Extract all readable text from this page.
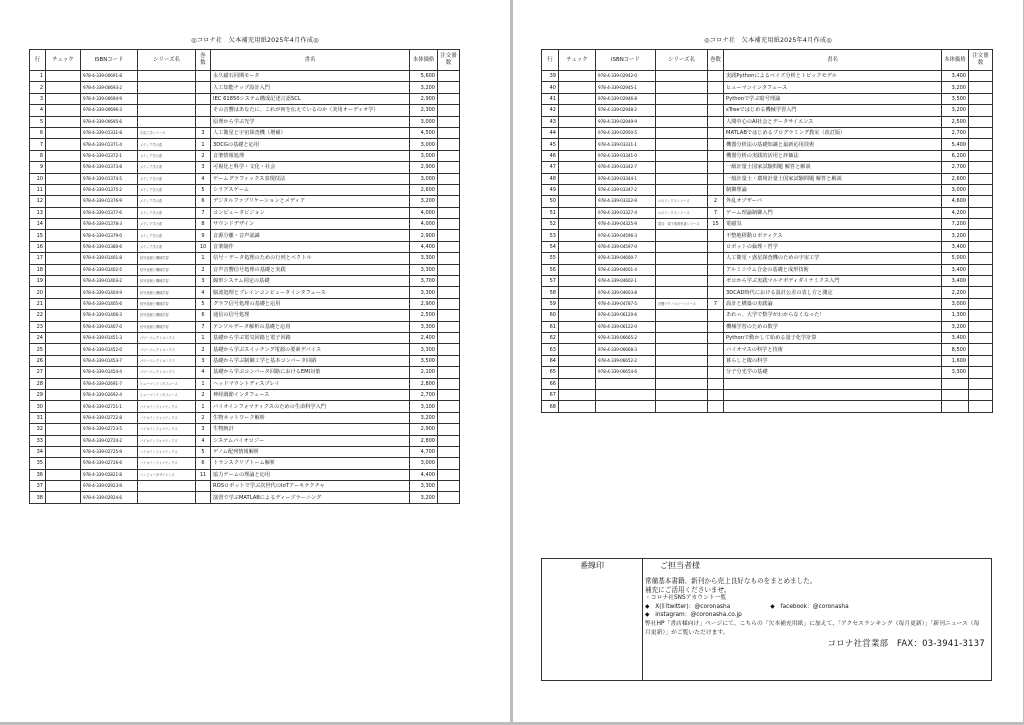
◎コロナ社　欠本補充用紙2025年4月作成◎
行	チェック	ISBNコード	シリーズ名	巻数	書名	本体価格	注文冊数
1		978-4-339-00691-8			永久磁石同期モータ	5,600	
2		978-4-339-00693-2			人工知能チップ設計入門	3,200	
3		978-4-339-00694-9			IEC 61850システム構成記述言語SCL	2,900	
4		978-4-339-00696-3			その音響はあなたに、これが何を伝えているのか（実用オーディオ学）	2,300	
5		978-4-339-00695-6			原理から学ぶ光学	3,000	
6		978-4-339-01331-8	宇宙工学シリーズ	3	人工衛星と宇宙探査機（増補）	4,500	
7		978-4-339-01371-4	メディア学大系	1	3DCGの基礎と応用	3,000	
8		978-4-339-01372-1	メディア学大系	2	音楽情報処理	3,000	
9		978-4-339-01373-8	メディア学大系	3	可視化と科学・文化・社会	2,900	
10		978-4-339-01374-5	メディア学大系	4	ゲームグラフィックス表現技法	3,000	
11		978-4-339-01375-2	メディア学大系	5	シリアスゲーム	2,600	
12		978-4-339-01376-9	メディア学大系	6	デジタルファブリケーションとメディア	3,200	
13		978-4-339-01377-6	メディア学大系	7	コンピュータビジョン	4,000	
14		978-4-339-01378-3	メディア学大系	8	サウンドデザイン	4,000	
15		978-4-339-01379-0	メディア学大系	9	音源分離・音声認識	2,900	
16		978-4-339-01380-6	メディア学大系	10	音楽制作	4,400	
17		978-4-339-01401-8	信号処理と機械学習	1	信号・データ処理のための行列とベクトル	3,300	
18		978-4-339-01402-5	信号処理と機械学習	2	音声音響信号処理の基礎と実践	3,300	
19		978-4-339-01403-2	信号処理と機械学習	3	線形システム同定の基礎	3,700	
20		978-4-339-01404-9	信号処理と機械学習	4	脳波処理とブレインコンピュータインタフェース	3,300	
21		978-4-339-01405-6	信号処理と機械学習	5	グラフ信号処理の基礎と応用	2,900	
22		978-4-339-01406-3	信号処理と機械学習	6	通信の信号処理	2,500	
23		978-4-339-01407-0	信号処理と機械学習	7	テンソルデータ解析の基礎と応用	3,300	
24		978-4-339-01451-3	パワーエレクトロニクス	1	基礎から学ぶ電気回路と電子回路	2,400	
25		978-4-339-01452-0	パワーエレクトロニクス	2	基礎から学ぶスイッチング電源の要素デバイス	3,300	
26		978-4-339-01453-7	パワーエレクトロニクス	3	基礎から学ぶ制御工学と基本コンバータ回路	3,500	
27		978-4-339-01454-4	パワーエレクトロニクス	4	基礎から学ぶコンバータ回路におけるEMI対策	2,100	
28		978-4-339-02691-7	ヒューマンインタフェース	1	ヘッドマウントディスプレイ	2,800	
29		978-4-339-02692-4	ヒューマンインタフェース	2	神経調節インタフェース	2,700	
30		978-4-339-02721-1	バイオインフォマティクス	1	バイオインフォマティクスのための生命科学入門	3,100	
31		978-4-339-02722-8	バイオインフォマティクス	2	生物ネットワーク解析	3,200	
32		978-4-339-02723-5	バイオインフォマティクス	3	生物統計	2,900	
33		978-4-339-02724-2	バイオインフォマティクス	4	システムバイオロジー	2,800	
34		978-4-339-02725-9	バイオインフォマティクス	5	ゲノム配列情報解析	4,700	
35		978-4-339-02726-6	バイオインフォマティクス	6	トランスクリプトーム解析	3,000	
36		978-4-339-02821-8	コンピュータサイエンス	11	協力ゲームの理論と応用	4,400	
37		978-4-339-02923-9			ROSロボットで学ぶ次世代のIoTアーキテクチャ	3,300	
38		978-4-339-02924-6			演習で学ぶMATLABによるディープラーニング	3,200	
◎コロナ社　欠本補充用紙2025年4月作成◎
行	チェック	ISBNコード	シリーズ名	巻数	書名	本体価格	注文冊数
39		978-4-339-02942-0			実践Pythonによるベイズ分析とトピックモデル	3,400	
40		978-4-339-02945-1			ヒューマンインタフェース	3,200	
41		978-4-339-02946-8			Pythonで学ぶ暗号理論	3,500	
42		978-4-339-02948-2			sTreeではじめる機械学習入門	3,200	
43		978-4-339-02949-9			人間中心のAI社会とデータサイエンス	2,500	
44		978-4-339-02950-5			MATLABではじめるプログラミング教室（改訂版）	2,700	
45		978-4-339-03331-1			機器分析法の基礎知識と最新応用技術	5,400	
46		978-4-339-03341-0			機器分析の実践的活用と評価法	6,200	
47		978-4-339-03342-7			一級計量士国家試験問題 解答と解説	2,700	
48		978-4-339-03344-1			一般計量士・環境計量士国家試験問題 解答と解説	2,600	
49		978-4-339-03347-2			制御理論	3,000	
50		978-4-339-03322-9	ロボティクスシリーズ	2	外乱オブザーバ	4,600	
51		978-4-339-03327-4	ロボティクスシリーズ	7	ゲーム理論制御入門	4,200	
52		978-4-339-04325-9	電気・電子系教科書シリーズ	15	電磁気	7,200	
53		978-4-339-04596-3			不整地移動ロボティクス	3,200	
54		978-4-339-04597-0			ロボットの倫理・哲学	3,400	
55		978-4-339-04600-7			人工衛星・惑星探査機のための宇宙工学	5,000	
56		978-4-339-04601-4			アルミニウム合金の基礎と成形技術	3,400	
57		978-4-339-04602-1			ゼロから学ぶ実践マルチボディダイナミクス入門	3,400	
58		978-4-339-04603-8			3DCAD時代における設計公差の表し方と測定	2,200	
59		978-4-339-04787-5	音響テクノロジーシリーズ	7	設計と構築の実践論	3,000	
60		978-4-339-06120-6			あれっ、大学で数学がわからなくなった！	1,300	
61		978-4-339-06122-0			機械学習のための数学	3,200	
62		978-4-339-06665-2			Pythonで動かして始める量子化学計算	3,400	
63		978-4-339-06668-3			バイオマスの科学と技術	8,500	
64		978-4-339-06652-2			暮らしと微の科学	1,600	
65		978-4-339-06654-6			分子分光学の基礎	3,300	
66							
67							
68							
番線印	ご担当者様
常備基本書籍、新刊から売上良好なものをまとめました。
補充にご活用くださいませ。
・コロナ社SNSアカウント一覧
◆　X(旧twitter)：@coronasha	◆　facebook：@coronasha
◆　instagram：@coronasha.co.jp
弊社HP「書店様向け」ページにて、こちらの「欠本補充用紙」に加えて、「アクセスランキング（毎月更新）」「新刊ニュース（毎月更新）」がご覧いただけます。
コロナ社営業部　FAX：03-3941-3137
